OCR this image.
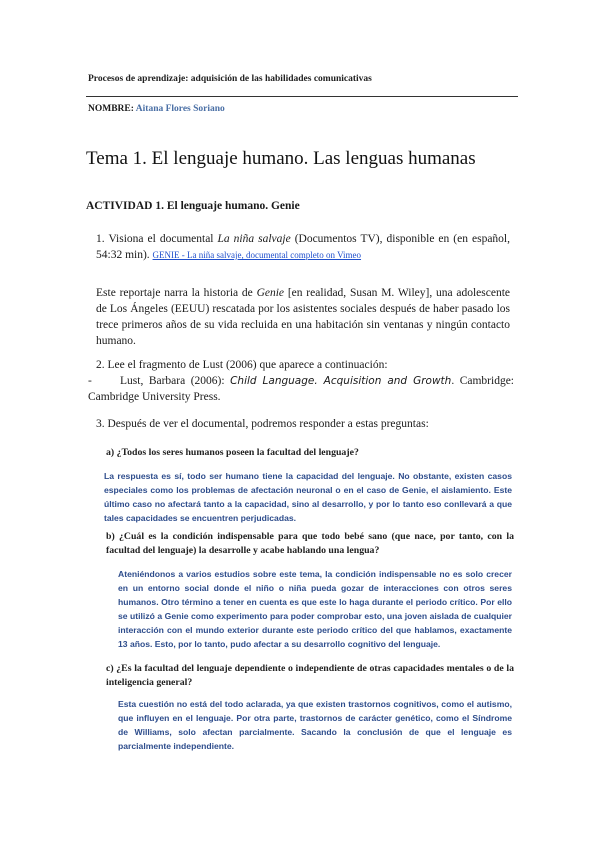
Procesos de aprendizaje: adquisición de las habilidades comunicativas
NOMBRE: Aitana Flores Soriano
Tema 1. El lenguaje humano. Las lenguas humanas
ACTIVIDAD 1. El lenguaje humano. Genie
1. Visiona el documental La niña salvaje (Documentos TV), disponible en (en español, 54:32 min). GENIE - La niña salvaje, documental completo on Vimeo
Este reportaje narra la historia de Genie [en realidad, Susan M. Wiley], una adolescente de Los Ángeles (EEUU) rescatada por los asistentes sociales después de haber pasado los trece primeros años de su vida recluida en una habitación sin ventanas y ningún contacto humano.
2. Lee el fragmento de Lust (2006) que aparece a continuación:
- Lust, Barbara (2006): Child Language. Acquisition and Growth. Cambridge: Cambridge University Press.
3. Después de ver el documental, podremos responder a estas preguntas:
a) ¿Todos los seres humanos poseen la facultad del lenguaje?
La respuesta es sí, todo ser humano tiene la capacidad del lenguaje. No obstante, existen casos especiales como los problemas de afectación neuronal o en el caso de Genie, el aislamiento. Este último caso no afectará tanto a la capacidad, sino al desarrollo, y por lo tanto eso conllevará a que tales capacidades se encuentren perjudicadas.
b) ¿Cuál es la condición indispensable para que todo bebé sano (que nace, por tanto, con la facultad del lenguaje) la desarrolle y acabe hablando una lengua?
Ateniéndonos a varios estudios sobre este tema, la condición indispensable no es solo crecer en un entorno social donde el niño o niña pueda gozar de interacciones con otros seres humanos. Otro término a tener en cuenta es que este lo haga durante el periodo crítico. Por ello se utilizó a Genie como experimento para poder comprobar esto, una joven aislada de cualquier interacción con el mundo exterior durante este periodo crítico del que hablamos, exactamente 13 años. Esto, por lo tanto, pudo afectar a su desarrollo cognitivo del lenguaje.
c) ¿Es la facultad del lenguaje dependiente o independiente de otras capacidades mentales o de la inteligencia general?
Esta cuestión no está del todo aclarada, ya que existen trastornos cognitivos, como el autismo, que influyen en el lenguaje. Por otra parte, trastornos de carácter genético, como el Síndrome de Williams, solo afectan parcialmente. Sacando la conclusión de que el lenguaje es parcialmente independiente.
